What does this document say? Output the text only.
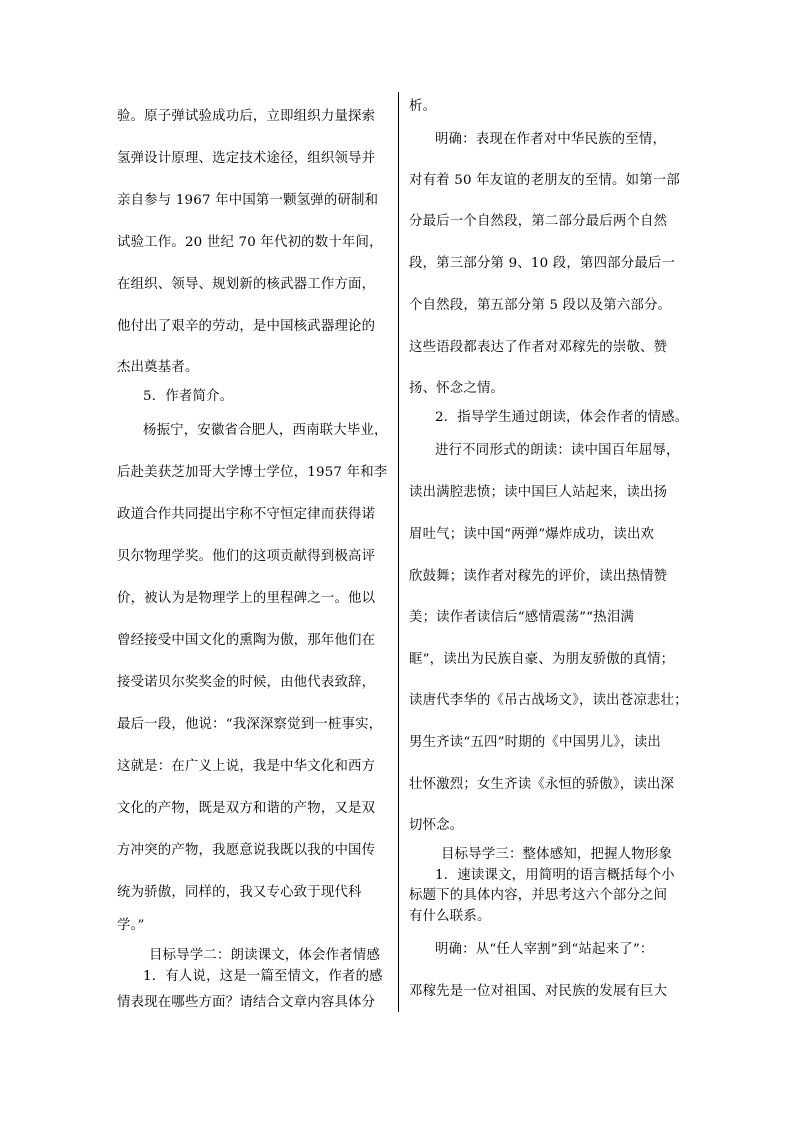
验。原子弹试验成功后，立即组织力量探索
氢弹设计原理、选定技术途径，组织领导并
亲自参与 1967 年中国第一颗氢弹的研制和
试验工作。20 世纪 70 年代初的数十年间，
在组织、领导、规划新的核武器工作方面，
他付出了艰辛的劳动，是中国核武器理论的
杰出奠基者。
5．作者简介。
杨振宁，安徽省合肥人，西南联大毕业，
后赴美获芝加哥大学博士学位，1957 年和李
政道合作共同提出宇称不守恒定律而获得诺
贝尔物理学奖。他们的这项贡献得到极高评
价，被认为是物理学上的里程碑之一。他以
曾经接受中国文化的熏陶为傲，那年他们在
接受诺贝尔奖奖金的时候，由他代表致辞，
最后一段，他说：“我深深察觉到一桩事实，
这就是：在广义上说，我是中华文化和西方
文化的产物，既是双方和谐的产物，又是双
方冲突的产物，我愿意说我既以我的中国传
统为骄傲，同样的，我又专心致于现代科
学。”
目标导学二：朗读课文，体会作者情感
1．有人说，这是一篇至情文，作者的感
情表现在哪些方面？请结合文章内容具体分
析。
明确：表现在作者对中华民族的至情，
对有着 50 年友谊的老朋友的至情。如第一部
分最后一个自然段，第二部分最后两个自然
段，第三部分第 9、10 段，第四部分最后一
个自然段，第五部分第 5 段以及第六部分。
这些语段都表达了作者对邓稼先的崇敬、赞
扬、怀念之情。
2．指导学生通过朗读，体会作者的情感。
进行不同形式的朗读：读中国百年屈辱，
读出满腔悲愤；读中国巨人站起来，读出扬
眉吐气；读中国“两弹”爆炸成功，读出欢
欣鼓舞；读作者对稼先的评价，读出热情赞
美；读作者读信后“感情震荡”“热泪满
眶”，读出为民族自豪、为朋友骄傲的真情；
读唐代李华的《吊古战场文》，读出苍凉悲壮；
男生齐读“五四”时期的《中国男儿》，读出
壮怀激烈；女生齐读《永恒的骄傲》，读出深
切怀念。
目标导学三：整体感知，把握人物形象
1．速读课文，用简明的语言概括每个小
标题下的具体内容，并思考这六个部分之间
有什么联系。
明确：从“任人宰割”到“站起来了”：
邓稼先是一位对祖国、对民族的发展有巨大
